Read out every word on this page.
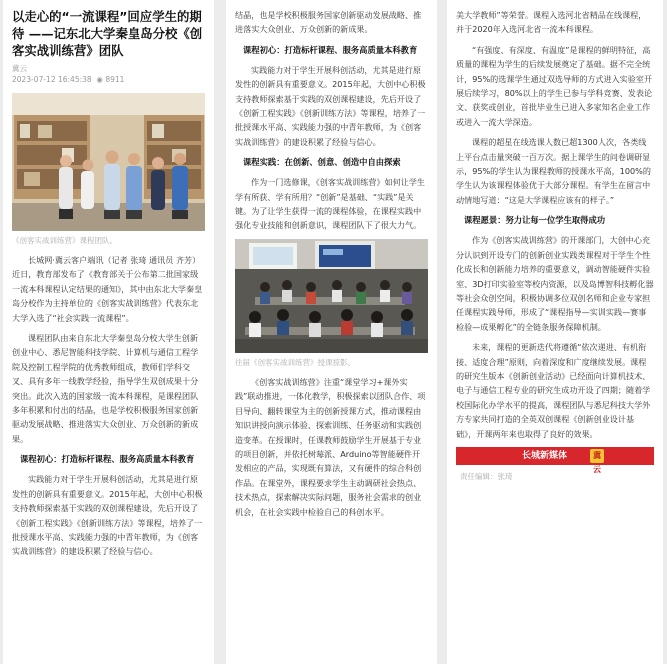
以走心的“一流课程”回应学生的期待 ——记东北大学秦皇岛分校《创客实战训练营》团队
冀云
2023-07-12 16:45:38  ◉ 8911
《创客实战训练营》课程团队。
长城网·冀云客户端讯（记者 张琦 通讯员 齐芳）近日，教育部发布了《教育部关于公布第二批国家级一流本科课程认定结果的通知》，其中由东北大学秦皇岛分校作为主持单位的《创客实战训练营》代表东北大学入选了“社会实践一流课程”。
课程团队由来自东北大学秦皇岛分校大学生创新创业中心、悉尼智能科技学院、计算机与通信工程学院及控制工程学院的优秀教师组成，教师们学科交叉、具有多年一线教学经验，指导学生双创成果十分突出。此次入选的国家级一流本科课程，是课程团队多年积累和付出的结晶，也是学校积极服务国家创新驱动发展战略、推进落实大众创业、万众创新的新成果。
课程初心：打造标杆课程、服务高质量本科教育
实践能力对于学生开展科创活动，尤其是进行原发性的创新具有重要意义。2015年起，大创中心积极支持教师探索基于实践的双创课程建设，先后开设了《创新工程实践》《创新训练方法》等课程，培养了一批授课水平高、实践能力强的中青年教师，为《创客实战训练营》的建设积累了经验与信心。
结晶，也是学校积极服务国家创新驱动发展战略、推进落实大众创业、万众创新的新成果。
课程初心：打造标杆课程、服务高质量本科教育
实践能力对于学生开展科创活动，尤其是进行原发性的创新具有重要意义。2015年起，大创中心积极支持教师探索基于实践的双创课程建设，先后开设了《创新工程实践》《创新训练方法》等课程，培养了一批授课水平高、实践能力强的中青年教师，为《创客实战训练营》的建设积累了经验与信心。
课程实践：在创新、创意、创造中自由探索
作为一门选修课，《创客实战训练营》如何让学生学有所获、学有所用？“创新”是基础、“实践”是关键。为了让学生获得一流的课程体验，在课程实践中强化专业技能和创新意识，课程团队下了很大力气。
往届《创客实战训练营》授课掠影。
《创客实战训练营》注重“课堂学习+课外实践”联动推进，一体化教学，积极探索以团队合作、项目导向、翻转课堂为主的创新授课方式，推动课程由知识讲授向演示体验、探索训练、任务驱动和实践创造变革。在授课时，任课教师鼓励学生开展基于专业的项目创新，并依托树莓派、Arduino等智能硬件开发相应的产品，实现既有算法，又有硬件的综合科创作品。在课堂外，课程要求学生主动调研社会热点、技术热点，探索解决实际问题，服务社会需求的创业机会，在社会实践中检验自己的科创水平。
美大学教师”等荣誉。课程入选河北省精品在线课程，并于2020年入选河北省一流本科课程。
“有强度、有深度、有温度”是课程的鲜明特征，高质量的课程为学生的后续发展奠定了基础。据不完全统计，95%的选课学生通过双选导师的方式进入实验室开展后续学习，80%以上的学生已参与学科竞赛、发表论文、获奖或创业，首批毕业生已进入多家知名企业工作或进入一流大学深造。
课程的超星在线选课人数已超1300人次，各类线上平台点击量突破一百万次。据上课学生的问卷调研显示，95%的学生认为课程教师的授课水平高，100%的学生认为该课程体验优于大部分课程。有学生在留言中动情地写道：“这是大学课程应该有的样子。”
课程愿景：努力让每一位学生取得成功
作为《创客实战训练营》的开课部门，大创中心充分认识到开设专门的创新创业实践类课程对于学生个性化成长和创新能力培养的重要意义，调动智能硬件实验室、3D打印实验室等校内资源，以及岛博智科技孵化器等社会众创空间，积极协调多位双创名师和企业专家担任课程实践导师，形成了“课程指导—实训实践—赛事检验—成果孵化”的全链条服务保障机制。
未来，课程的更新迭代将遵循“依次递进、有机衔接、适度合理”原则，向着深度和广度继续发展。课程的研究生版本《创新创业活动》已经面向计算机技术、电子与通信工程专业的研究生成功开设了四期；随着学校国际化办学水平的提高，课程团队与悉尼科技大学外方专家共同打造的全英双创课程《创新创业设计基础》，开课两年来也取得了良好的效果。
长城新媒体	冀云
责任编辑：张琦
